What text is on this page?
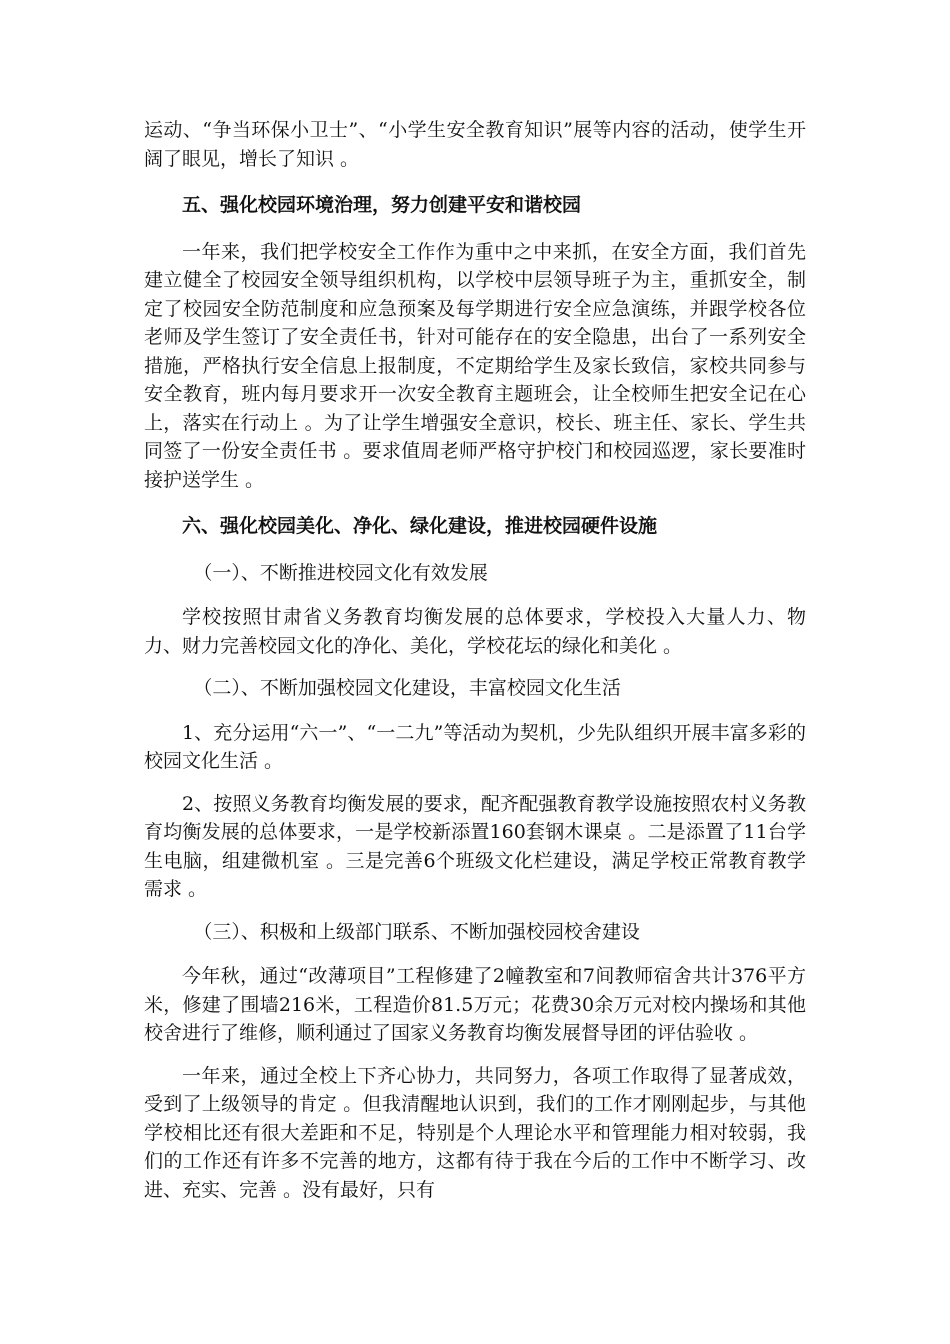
运动、“争当环保小卫士”、“小学生安全教育知识”展等内容的活动，使学生开阔了眼见，增长了知识 。

五、强化校园环境治理，努力创建平安和谐校园

一年来，我们把学校安全工作作为重中之中来抓，在安全方面，我们首先建立健全了校园安全领导组织机构，以学校中层领导班子为主，重抓安全，制定了校园安全防范制度和应急预案及每学期进行安全应急演练，并跟学校各位老师及学生签订了安全责任书，针对可能存在的安全隐患，出台了一系列安全措施，严格执行安全信息上报制度，不定期给学生及家长致信，家校共同参与安全教育，班内每月要求开一次安全教育主题班会，让全校师生把安全记在心上，落实在行动上 。为了让学生增强安全意识，校长、班主任、家长、学生共同签了一份安全责任书 。要求值周老师严格守护校门和校园巡逻，家长要准时接护送学生 。

六、强化校园美化、净化、绿化建设，推进校园硬件设施

（一）、不断推进校园文化有效发展

学校按照甘肃省义务教育均衡发展的总体要求，学校投入大量人力、物力、财力完善校园文化的净化、美化，学校花坛的绿化和美化 。

（二）、不断加强校园文化建设，丰富校园文化生活

1、充分运用“六一”、“一二九”等活动为契机，少先队组织开展丰富多彩的校园文化生活 。

2、按照义务教育均衡发展的要求，配齐配强教育教学设施按照农村义务教育均衡发展的总体要求，一是学校新添置160套钢木课桌 。二是添置了11台学生电脑，组建微机室 。三是完善6个班级文化栏建设，满足学校正常教育教学需求 。

（三）、积极和上级部门联系、不断加强校园校舍建设

今年秋，通过“改薄项目”工程修建了2幢教室和7间教师宿舍共计376平方米，修建了围墙216米，工程造价81.5万元；花费30余万元对校内操场和其他校舍进行了维修，顺利通过了国家义务教育均衡发展督导团的评估验收 。

一年来，通过全校上下齐心协力，共同努力，各项工作取得了显著成效，受到了上级领导的肯定 。但我清醒地认识到，我们的工作才刚刚起步，与其他学校相比还有很大差距和不足，特别是个人理论水平和管理能力相对较弱，我们的工作还有许多不完善的地方，这都有待于我在今后的工作中不断学习、改进、充实、完善 。没有最好，只有
